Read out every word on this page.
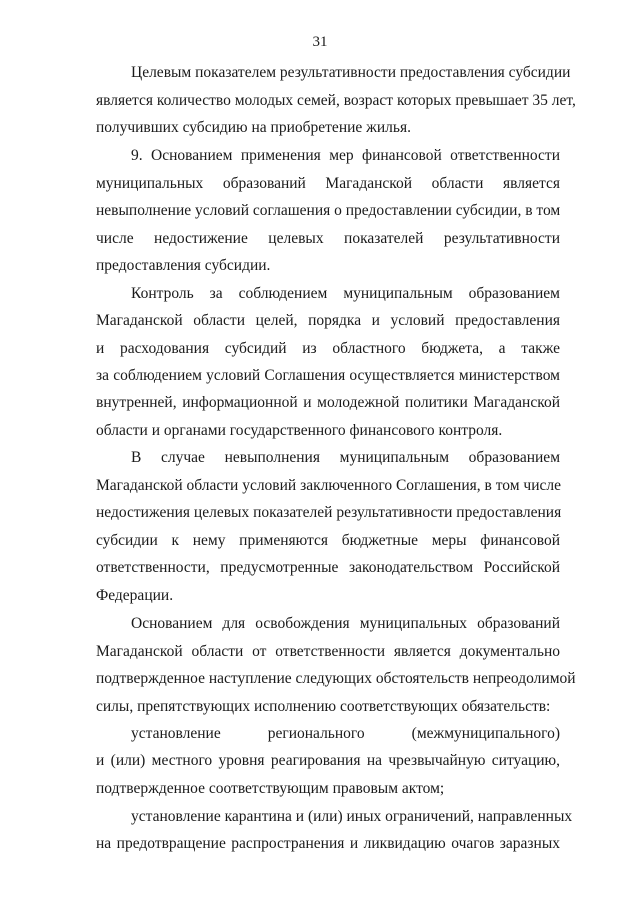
31
Целевым показателем результативности предоставления субсидии
является количество молодых семей, возраст которых превышает 35 лет,
получивших субсидию на приобретение жилья.
9. Основанием применения мер финансовой ответственности
муниципальных образований Магаданской области является
невыполнение условий соглашения о предоставлении субсидии, в том
числе недостижение целевых показателей результативности
предоставления субсидии.
Контроль за соблюдением муниципальным образованием
Магаданской области целей, порядка и условий предоставления
и расходования субсидий из областного бюджета, а также
за соблюдением условий Соглашения осуществляется министерством
внутренней, информационной и молодежной политики Магаданской
области и органами государственного финансового контроля.
В случае невыполнения муниципальным образованием
Магаданской области условий заключенного Соглашения, в том числе
недостижения целевых показателей результативности предоставления
субсидии к нему применяются бюджетные меры финансовой
ответственности, предусмотренные законодательством Российской
Федерации.
Основанием для освобождения муниципальных образований
Магаданской области от ответственности является документально
подтвержденное наступление следующих обстоятельств непреодолимой
силы, препятствующих исполнению соответствующих обязательств:
установление регионального (межмуниципального)
и (или) местного уровня реагирования на чрезвычайную ситуацию,
подтвержденное соответствующим правовым актом;
установление карантина и (или) иных ограничений, направленных
на предотвращение распространения и ликвидацию очагов заразных
